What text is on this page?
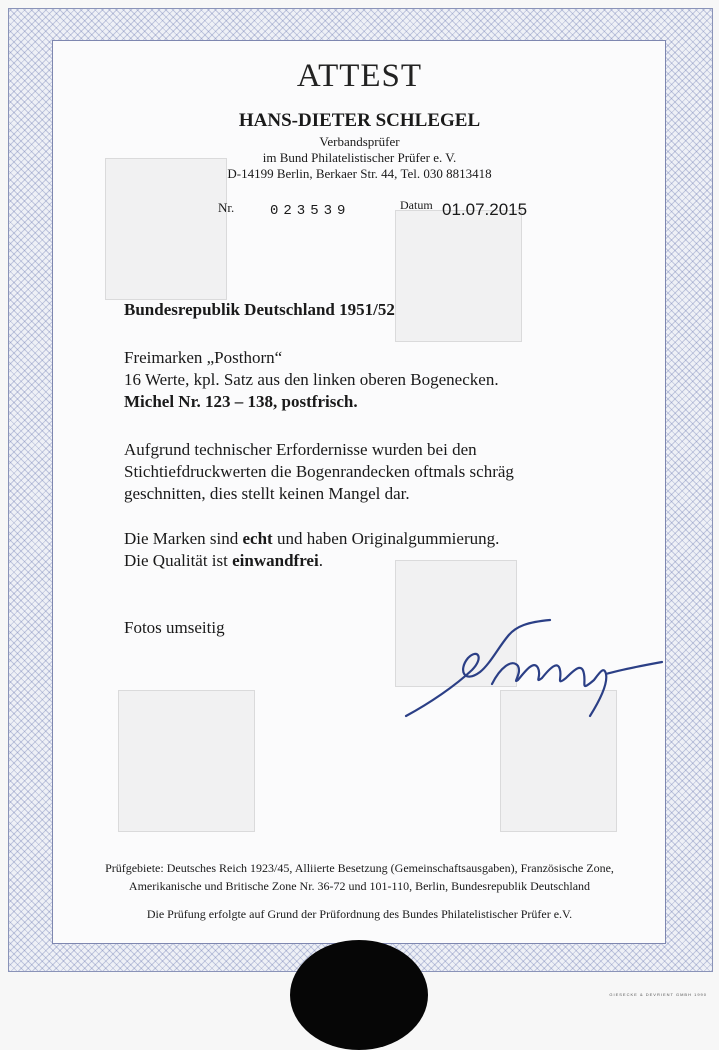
ATTEST
HANS-DIETER SCHLEGEL
Verbandsprüfer
im Bund Philatelistischer Prüfer e. V.
D-14199 Berlin, Berkaer Str. 44, Tel. 030 8813418
Nr.	023539	Datum 01.07.2015
Bundesrepublik Deutschland 1951/52
Freimarken „Posthorn“
16 Werte, kpl. Satz aus den linken oberen Bogenecken.
Michel Nr. 123 – 138, postfrisch.
Aufgrund technischer Erfordernisse wurden bei den
Stichtiefdruckwerten die Bogenrandecken oftmals schräg
geschnitten, dies stellt keinen Mangel dar.
Die Marken sind echt und haben Originalgummierung.
Die Qualität ist einwandfrei.
Fotos umseitig
Prüfgebiete: Deutsches Reich 1923/45, Alliierte Besetzung (Gemeinschaftsausgaben), Französische Zone,
Amerikanische und Britische Zone Nr. 36-72 und 101-110, Berlin, Bundesrepublik Deutschland
Die Prüfung erfolgte auf Grund der Prüfordnung des Bundes Philatelistischer Prüfer e.V.
GIESECKE & DEVRIENT GMBH 1990
